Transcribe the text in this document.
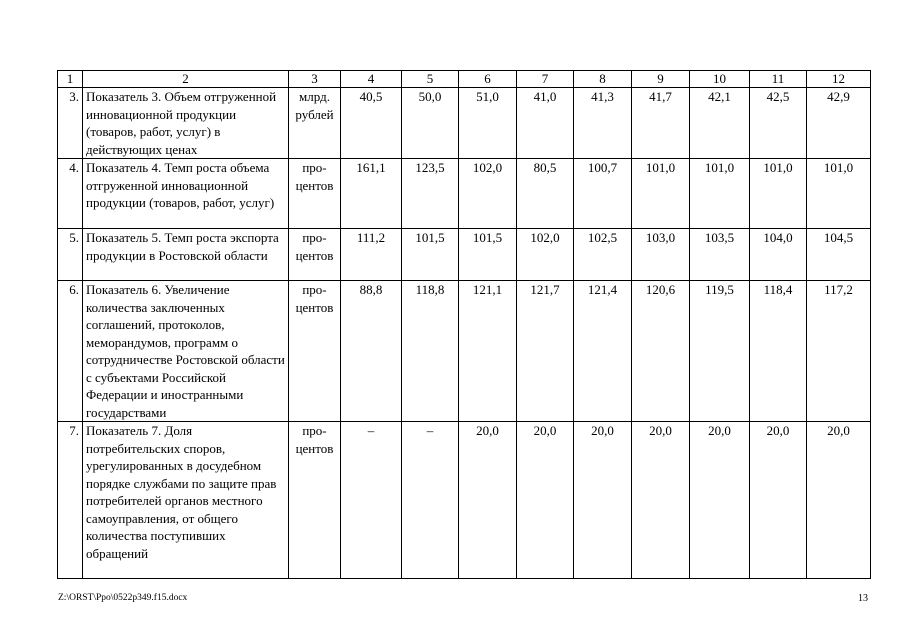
1	2	3	4	5	6	7	8	9	10	11	12
3.	Показатель 3. Объем отгруженной инновационной продукции (товаров, работ, услуг) в действующих ценах	млрд. рублей	40,5	50,0	51,0	41,0	41,3	41,7	42,1	42,5	42,9
4.	Показатель 4. Темп роста объема отгруженной инновационной продукции (товаров, работ, услуг)	про-центов	161,1	123,5	102,0	80,5	100,7	101,0	101,0	101,0	101,0
5.	Показатель 5. Темп роста экспорта продукции в Ростовской области	про-центов	111,2	101,5	101,5	102,0	102,5	103,0	103,5	104,0	104,5
6.	Показатель 6. Увеличение количества заключенных соглашений, протоколов, меморандумов, программ о сотрудничестве Ростовской области с субъектами Российской Федерации и иностранными государствами	про-центов	88,8	118,8	121,1	121,7	121,4	120,6	119,5	118,4	117,2
7.	Показатель 7. Доля потребительских споров, урегулированных в досудебном порядке службами по защите прав потребителей органов местного самоуправления, от общего количества поступивших обращений	про-центов	–	–	20,0	20,0	20,0	20,0	20,0	20,0	20,0
Z:\ORST\Ppo\0522p349.f15.docx	13
